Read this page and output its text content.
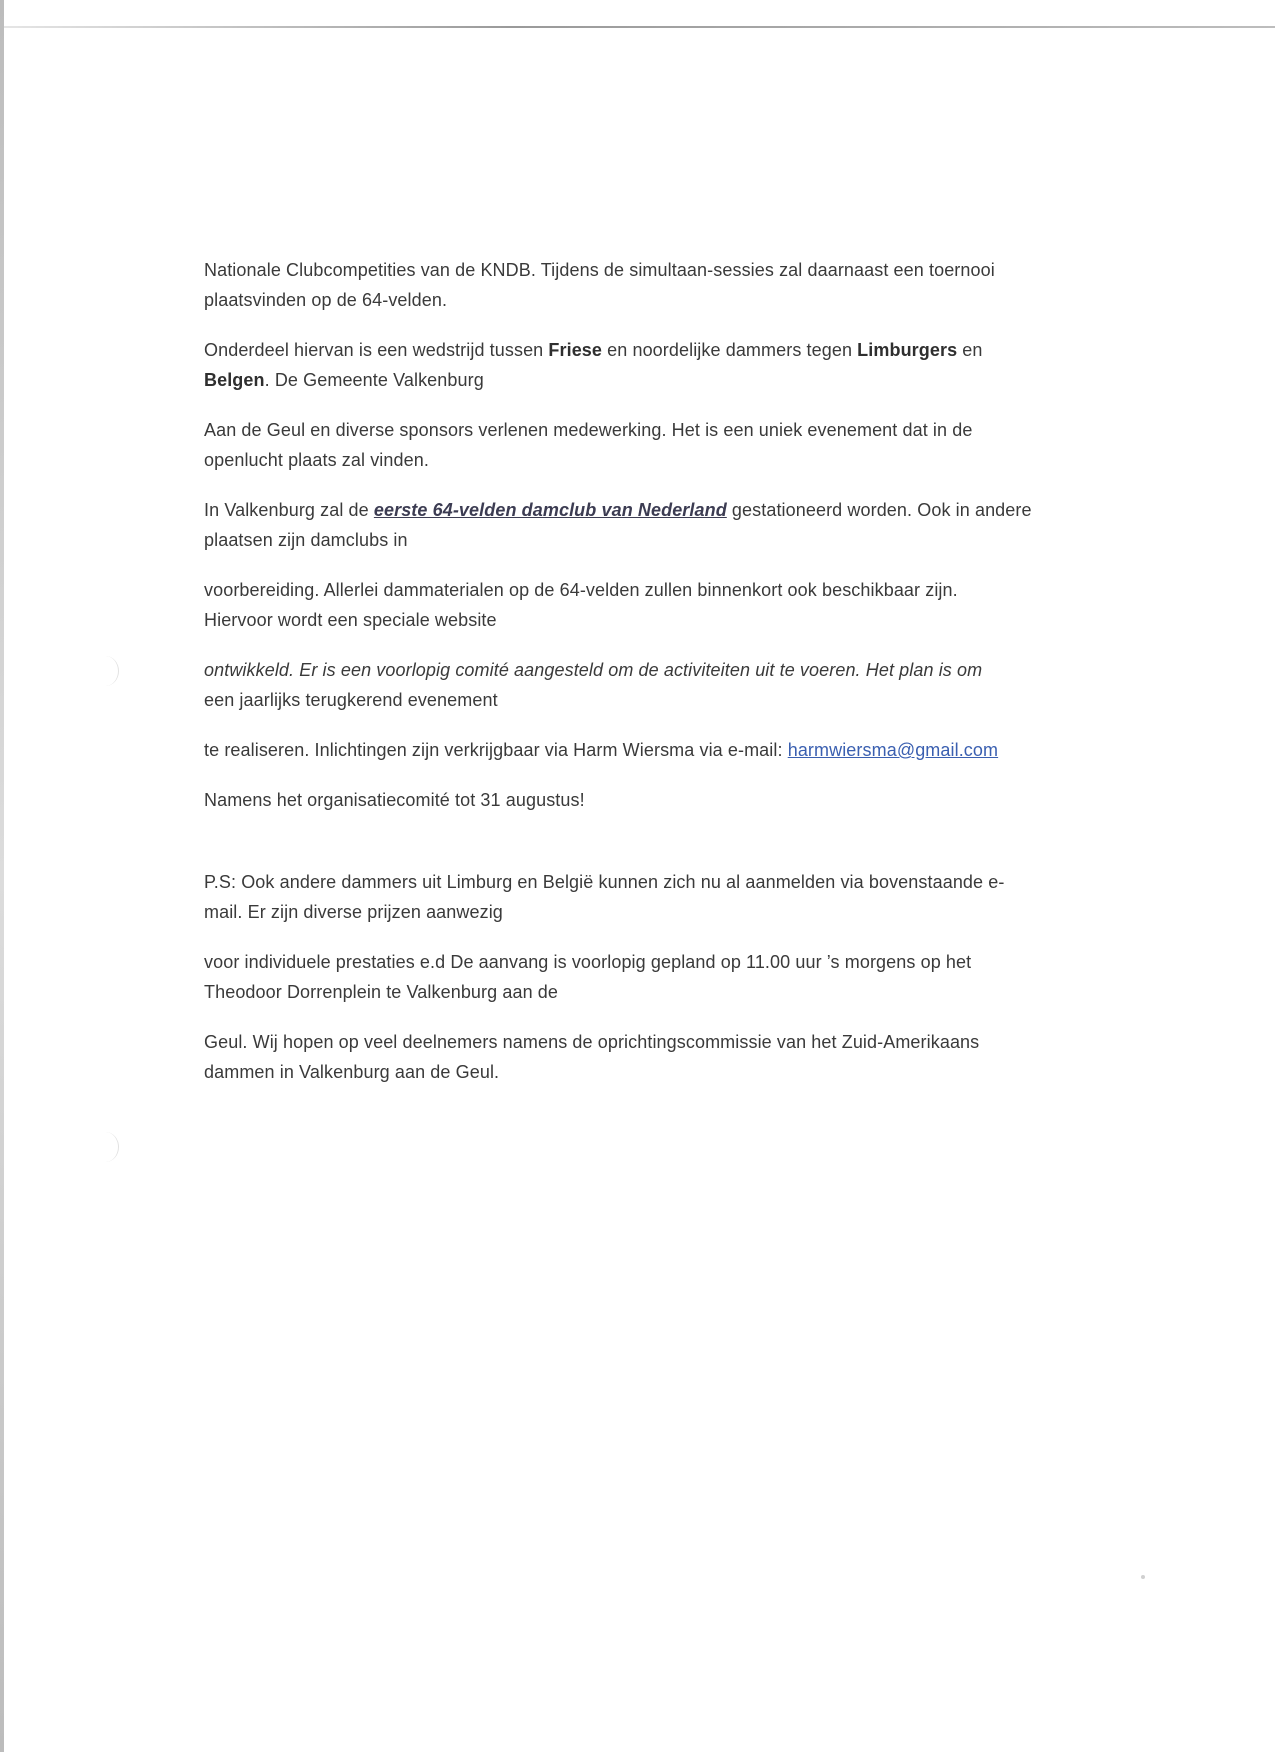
Nationale Clubcompetities van de KNDB. Tijdens de simultaan-sessies zal daarnaast een toernooi
plaatsvinden op de 64-velden.

Onderdeel hiervan is een wedstrijd tussen Friese en noordelijke dammers tegen Limburgers en
Belgen. De Gemeente Valkenburg

Aan de Geul en diverse sponsors verlenen medewerking. Het is een uniek evenement dat in de
openlucht plaats zal vinden.

In Valkenburg zal de eerste 64-velden damclub van Nederland gestationeerd worden. Ook in andere
plaatsen zijn damclubs in

voorbereiding. Allerlei dammaterialen op de 64-velden zullen binnenkort ook beschikbaar zijn.
Hiervoor wordt een speciale website

ontwikkeld. Er is een voorlopig comité aangesteld om de activiteiten uit te voeren. Het plan is om
een jaarlijks terugkerend evenement

te realiseren. Inlichtingen zijn verkrijgbaar via Harm Wiersma via e-mail: harmwiersma@gmail.com

Namens het organisatiecomité tot 31 augustus!

P.S: Ook andere dammers uit Limburg en België kunnen zich nu al aanmelden via bovenstaande e-
mail. Er zijn diverse prijzen aanwezig

voor individuele prestaties e.d De aanvang is voorlopig gepland op 11.00 uur ’s morgens op het
Theodoor Dorrenplein te Valkenburg aan de

Geul. Wij hopen op veel deelnemers namens de oprichtingscommissie van het Zuid-Amerikaans
dammen in Valkenburg aan de Geul.
